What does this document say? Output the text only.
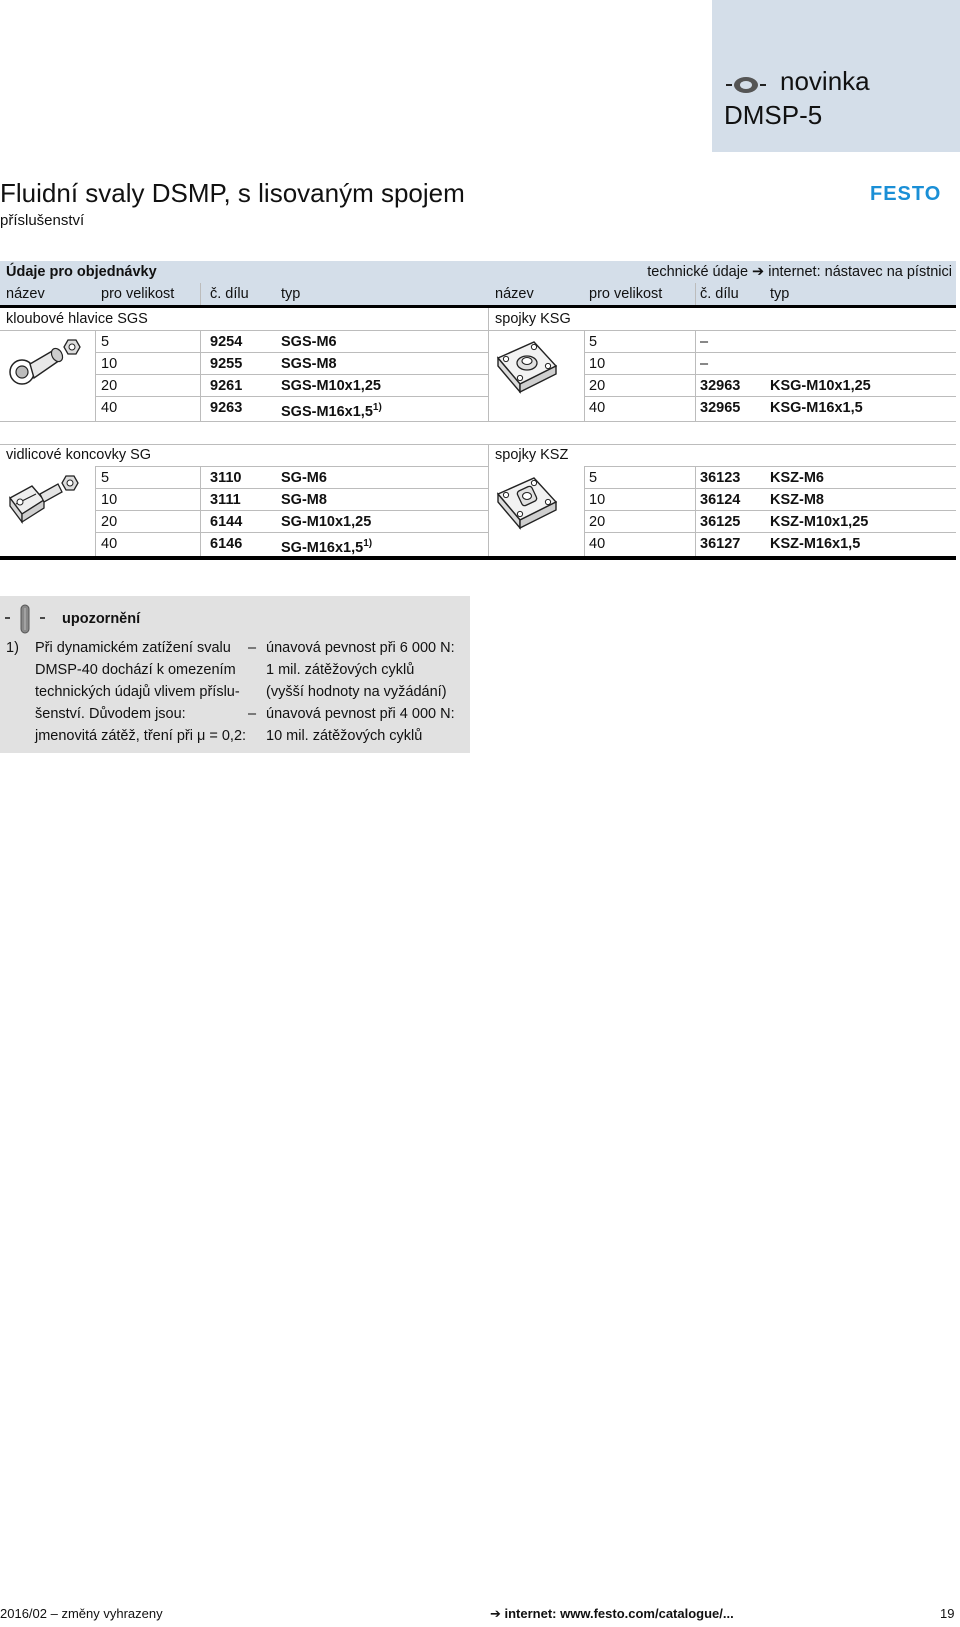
novinka
DMSP-5
Fluidní svaly DSMP, s lisovaným spojem
příslušenství
FESTO
Údaje pro objednávky	technické údaje ➔ internet: nástavec na pístnici
název	pro velikost č. dílu typ	název	pro velikost	č. dílu typ
kloubové hlavice SGS	spojky KSG
5	9254	SGS-M6
10	9255	SGS-M8
20	9261	SGS-M10x1,25
40	9263	SGS-M16x1,5$^{1)}$
5	–
10	–
20	32963 KSG-M10x1,25
40	32965 KSG-M16x1,5
vidlicové koncovky SG	spojky KSZ
5	3110	SG-M6
10	3111	SG-M8
20	6144	SG-M10x1,25
40	6146	SG-M16x1,5$^{1)}$
5	36123 KSZ-M6
10	36124 KSZ-M8
20	36125 KSZ-M10x1,25
40	36127 KSZ-M16x1,5
upozornění
1) Při dynamickém zatížení svalu
DMSP-40 dochází k omezením
technických údajů vlivem příslu-
šenství. Důvodem jsou:
jmenovitá zátěž, tření při μ = 0,2:
– únavová pevnost při 6 000 N:
1 mil. zátěžových cyklů
(vyšší hodnoty na vyžádání)
– únavová pevnost při 4 000 N:
10 mil. zátěžových cyklů
2016/02 – změny vyhrazeny	➔ internet: www.festo.com/catalogue/...	19
